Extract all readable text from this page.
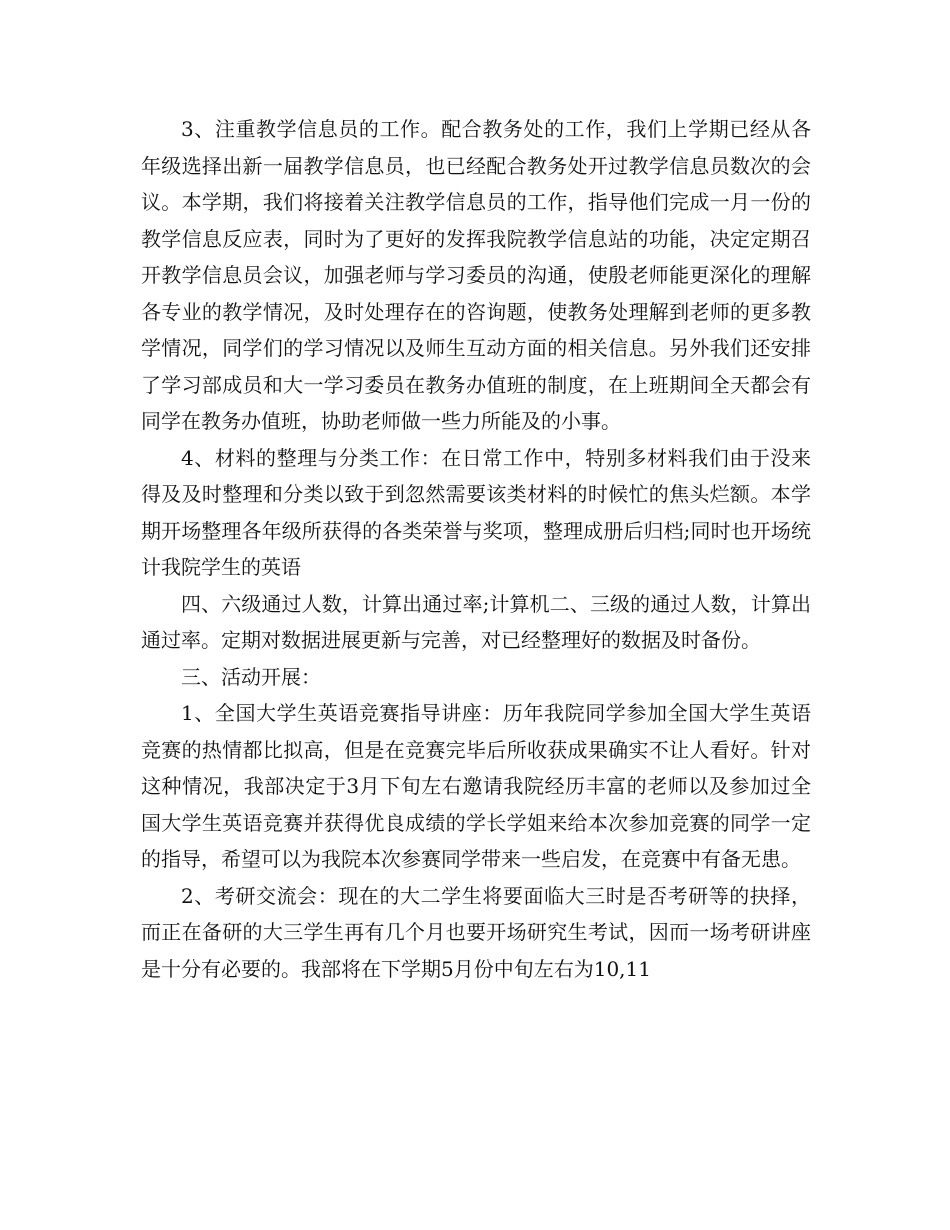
3、注重教学信息员的工作。配合教务处的工作，我们上学期已经从各年级选择出新一届教学信息员，也已经配合教务处开过教学信息员数次的会议。本学期，我们将接着关注教学信息员的工作，指导他们完成一月一份的教学信息反应表，同时为了更好的发挥我院教学信息站的功能，决定定期召开教学信息员会议，加强老师与学习委员的沟通，使殷老师能更深化的理解各专业的教学情况，及时处理存在的咨询题，使教务处理解到老师的更多教学情况，同学们的学习情况以及师生互动方面的相关信息。另外我们还安排了学习部成员和大一学习委员在教务办值班的制度，在上班期间全天都会有同学在教务办值班，协助老师做一些力所能及的小事。

4、材料的整理与分类工作：在日常工作中，特别多材料我们由于没来得及及时整理和分类以致于到忽然需要该类材料的时候忙的焦头烂额。本学期开场整理各年级所获得的各类荣誉与奖项，整理成册后归档;同时也开场统计我院学生的英语

四、六级通过人数，计算出通过率;计算机二、三级的通过人数，计算出通过率。定期对数据进展更新与完善，对已经整理好的数据及时备份。

三、活动开展：

1、全国大学生英语竞赛指导讲座：历年我院同学参加全国大学生英语竞赛的热情都比拟高，但是在竞赛完毕后所收获成果确实不让人看好。针对这种情况，我部决定于3月下旬左右邀请我院经历丰富的老师以及参加过全国大学生英语竞赛并获得优良成绩的学长学姐来给本次参加竞赛的同学一定的指导，希望可以为我院本次参赛同学带来一些启发，在竞赛中有备无患。

2、考研交流会：现在的大二学生将要面临大三时是否考研等的抉择，而正在备研的大三学生再有几个月也要开场研究生考试，因而一场考研讲座是十分有必要的。我部将在下学期5月份中旬左右为10,11
